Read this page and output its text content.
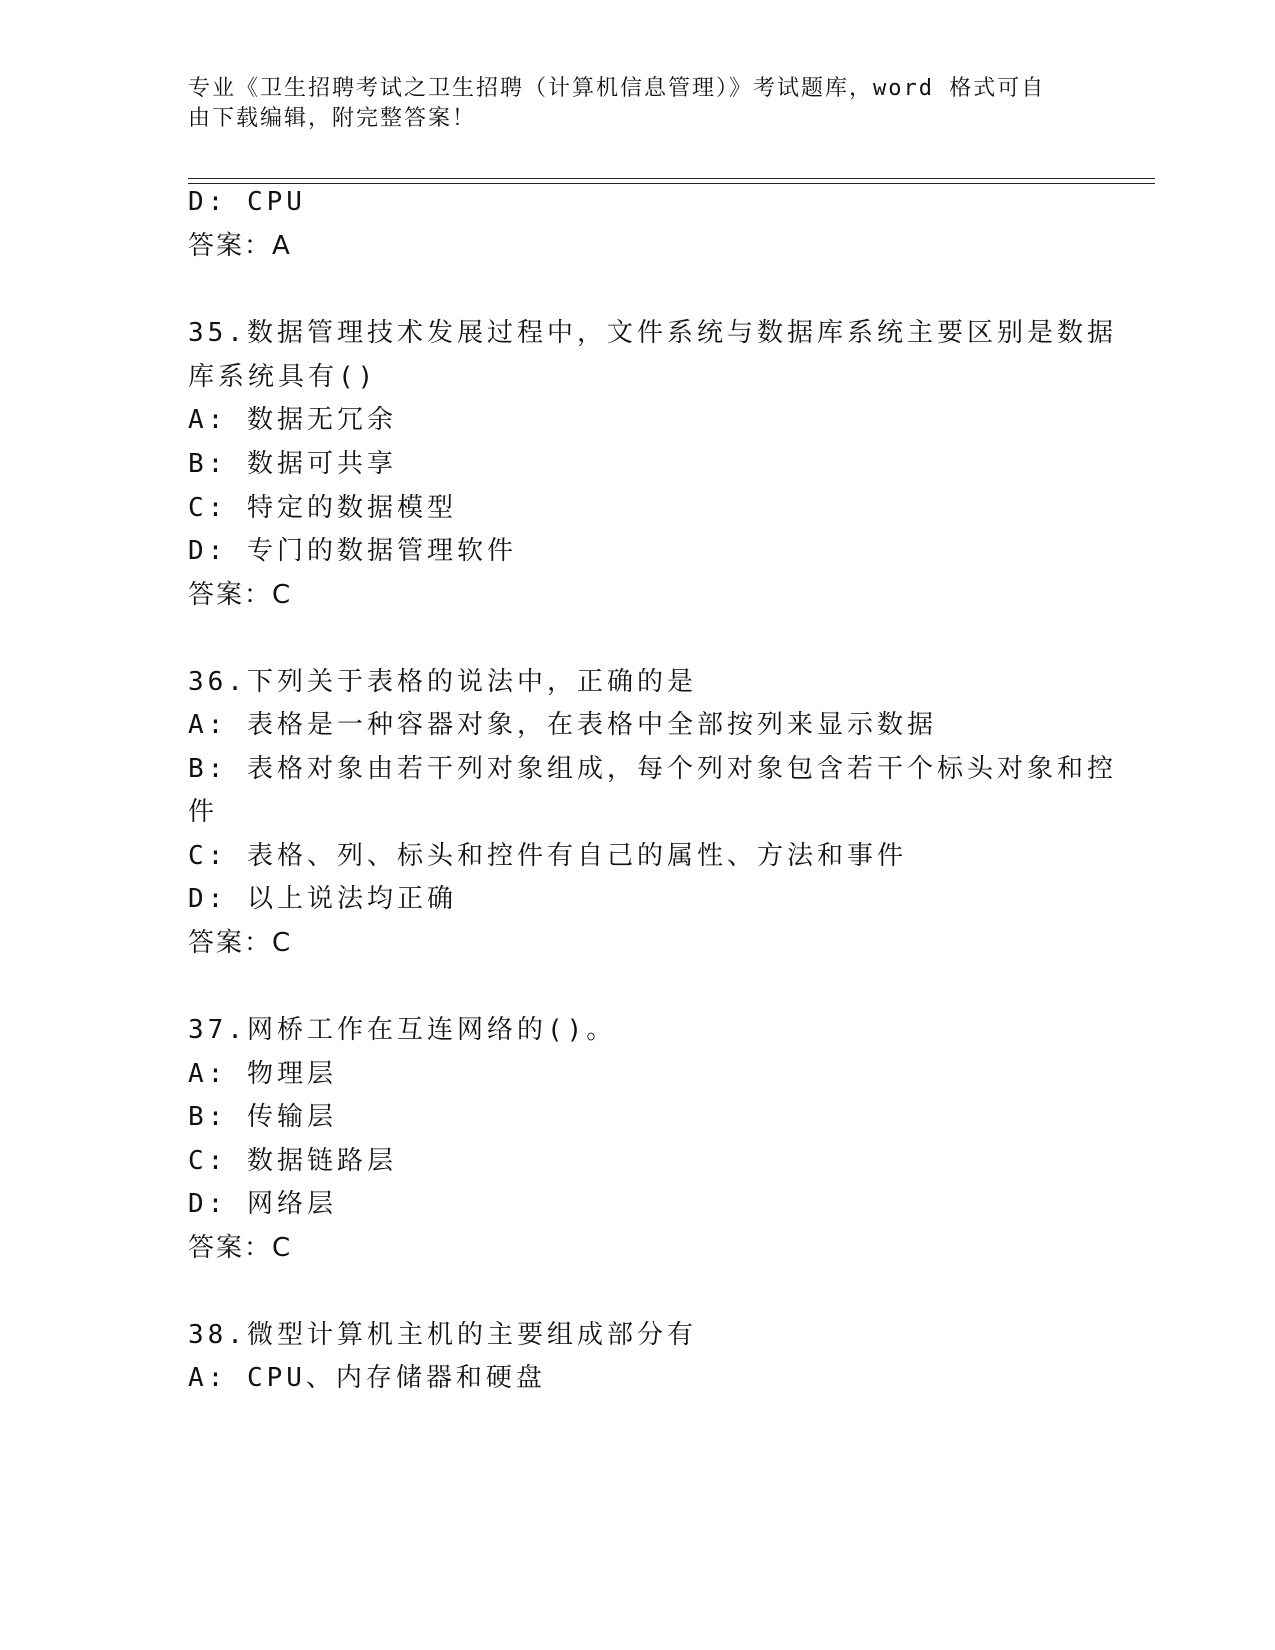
专业《卫生招聘考试之卫生招聘（计算机信息管理）》考试题库，word 格式可自
由下载编辑，附完整答案！

D: CPU

答案：A

35.数据管理技术发展过程中，文件系统与数据库系统主要区别是数据

库系统具有()

A: 数据无冗余

B: 数据可共享

C: 特定的数据模型

D: 专门的数据管理软件

答案：C

36.下列关于表格的说法中，正确的是

A: 表格是一种容器对象，在表格中全部按列来显示数据

B: 表格对象由若干列对象组成，每个列对象包含若干个标头对象和控

件

C: 表格、列、标头和控件有自己的属性、方法和事件

D: 以上说法均正确

答案：C

37.网桥工作在互连网络的()。

A: 物理层

B: 传输层

C: 数据链路层

D: 网络层

答案：C

38.微型计算机主机的主要组成部分有

A: CPU、内存储器和硬盘
